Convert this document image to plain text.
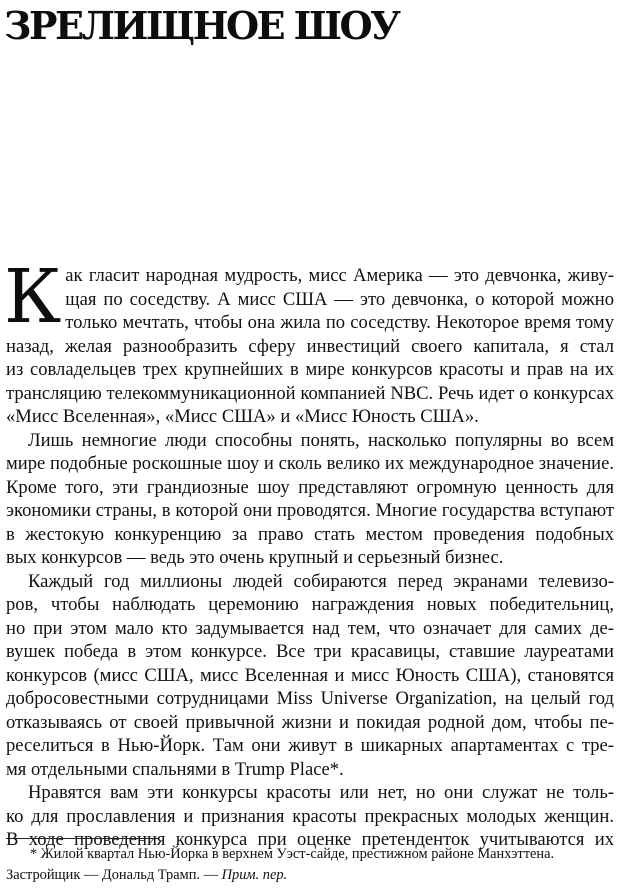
ЗРЕЛИЩНОЕ ШОУ
К ак гласит народная мудрость, мисс Америка — это девчонка, живу-
щая по соседству. А мисс США — это девчонка, о которой можно
только мечтать, чтобы она жила по соседству. Некоторое время тому
назад, желая разнообразить сферу инвестиций своего капитала, я стал
из совладельцев трех крупнейших в мире конкурсов красоты и прав на их
трансляцию телекоммуникационной компанией NBC. Речь идет о конкурсах
«Мисс Вселенная», «Мисс США» и «Мисс Юность США».
Лишь немногие люди способны понять, насколько популярны во всем
мире подобные роскошные шоу и сколь велико их международное значение.
Кроме того, эти грандиозные шоу представляют огромную ценность для
экономики страны, в которой они проводятся. Многие государства вступают
в жестокую конкуренцию за право стать местом проведения подобных
вых конкурсов — ведь это очень крупный и серьезный бизнес.
Каждый год миллионы людей собираются перед экранами телевизо-
ров, чтобы наблюдать церемонию награждения новых победительниц,
но при этом мало кто задумывается над тем, что означает для самих де-
вушек победа в этом конкурсе. Все три красавицы, ставшие лауреатами
конкурсов (мисс США, мисс Вселенная и мисс Юность США), становятся
добросовестными сотрудницами Miss Universe Organization, на целый год
отказываясь от своей привычной жизни и покидая родной дом, чтобы пе-
реселиться в Нью-Йорк. Там они живут в шикарных апартаментах с тре-
мя отдельными спальнями в Trump Place*.
Нравятся вам эти конкурсы красоты или нет, но они служат не толь-
ко для прославления и признания красоты прекрасных молодых женщин.
В ходе проведения конкурса при оценке претенденток учитываются их
* Жилой квартал Нью-Йорка в верхнем Уэст-сайде, престижном районе Манхэттена.
Застройщик — Дональд Трамп. — Прим. пер.
